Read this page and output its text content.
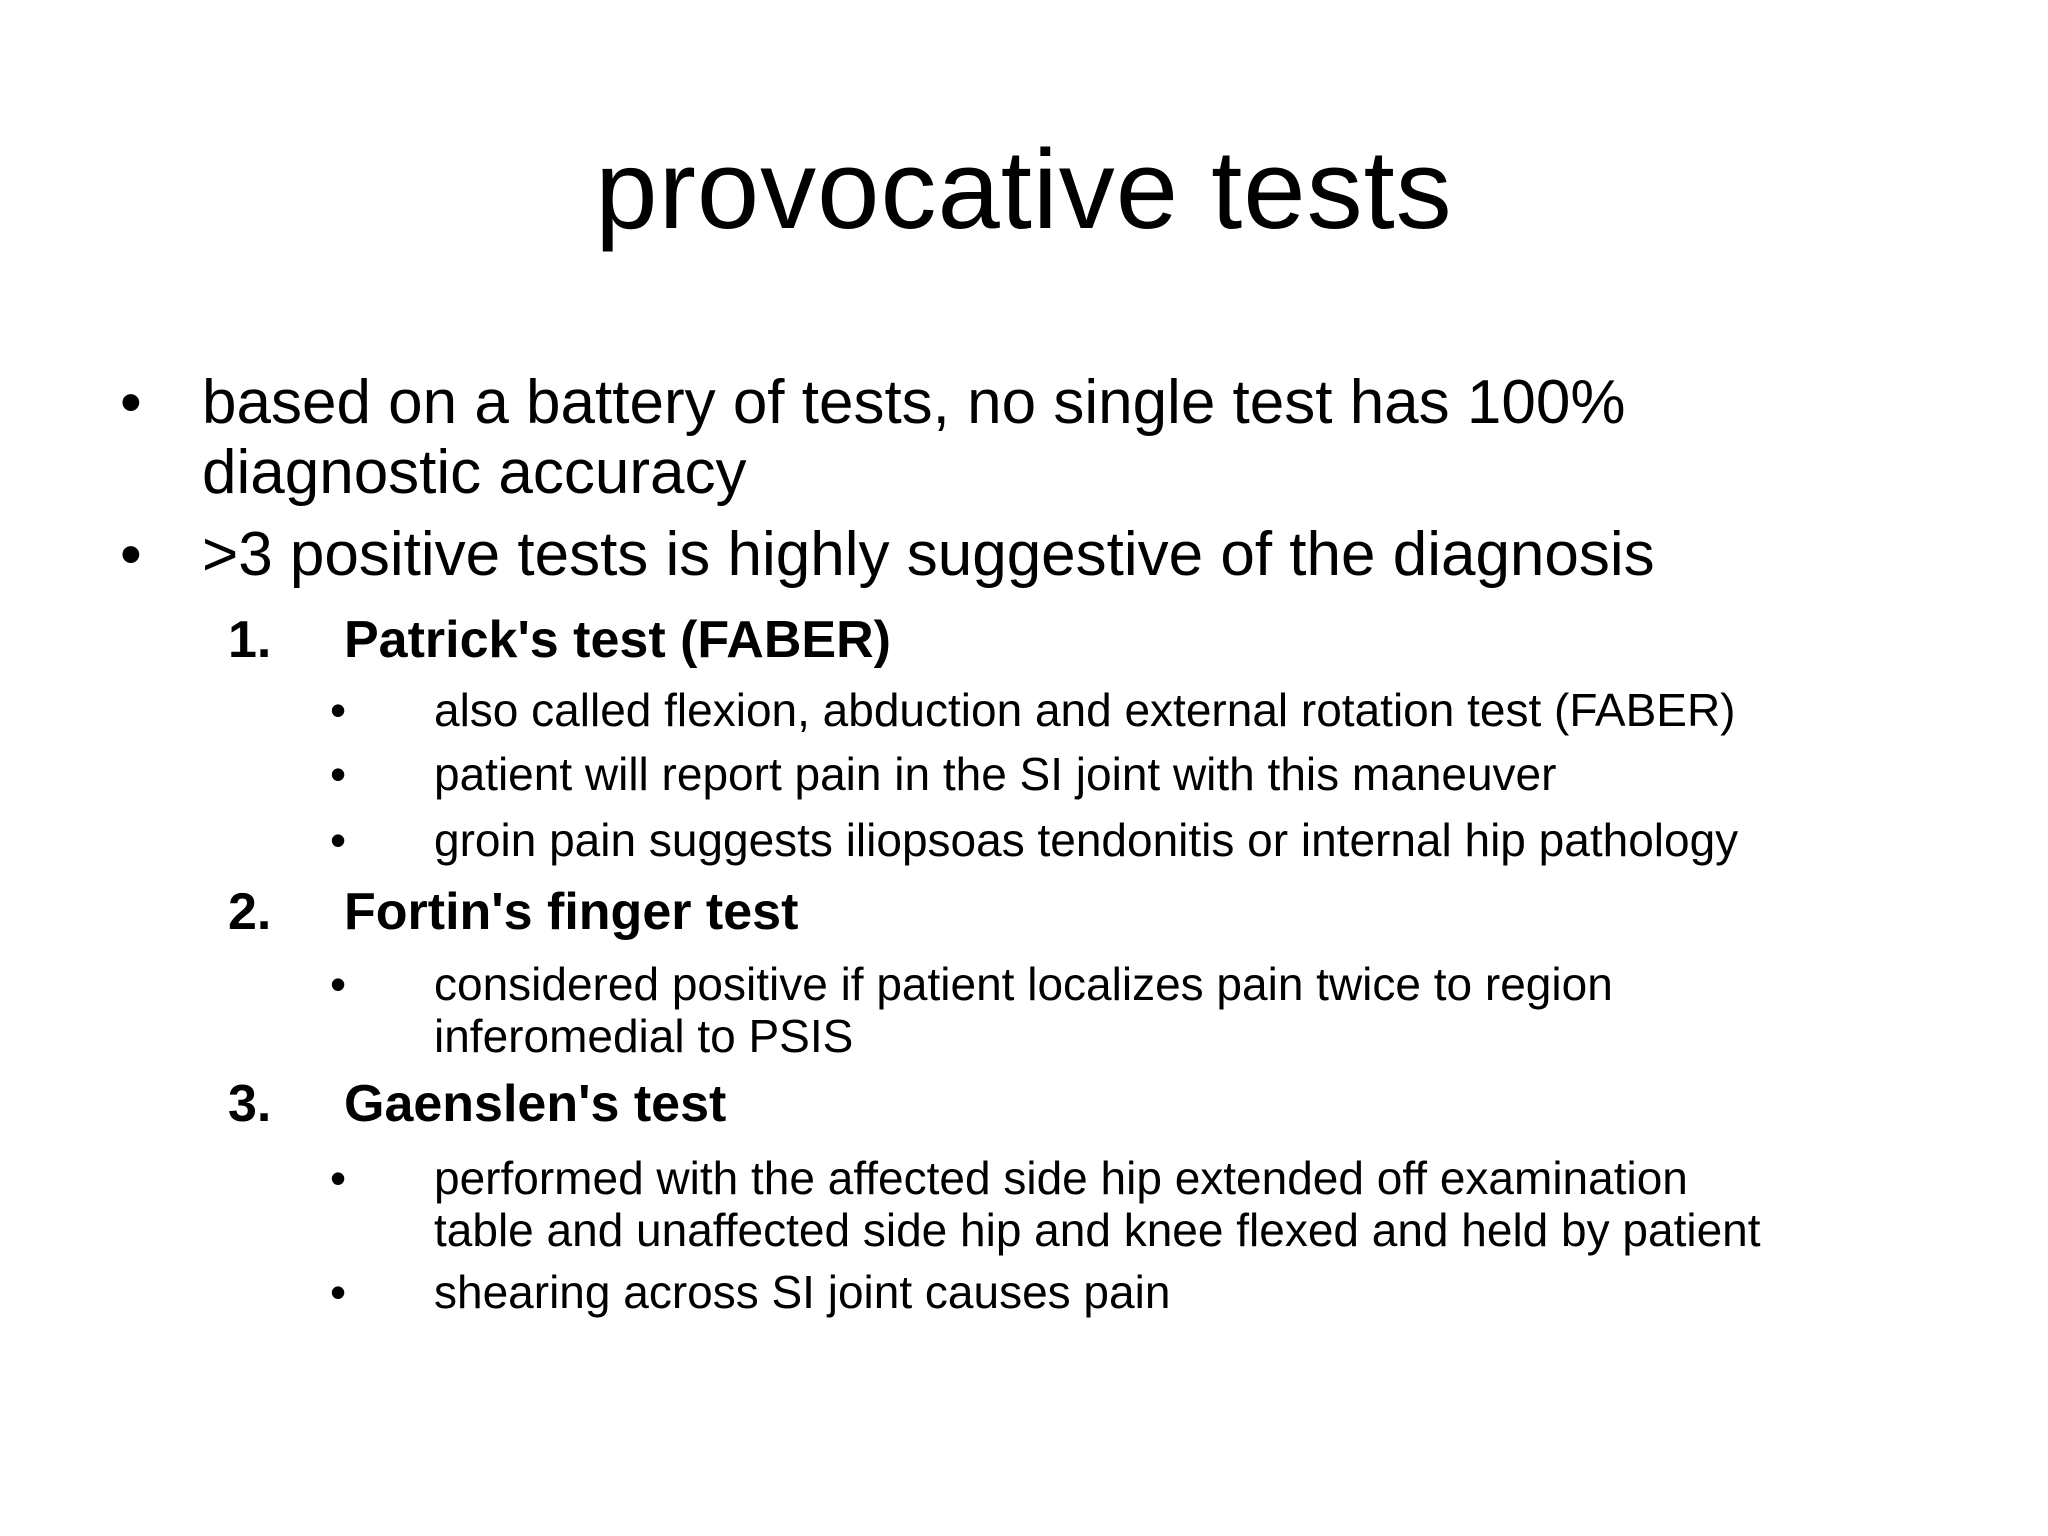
provocative tests
• based on a battery of tests, no single test has 100%
diagnostic accuracy
• >3 positive tests is highly suggestive of the diagnosis
1.	Patrick's test (FABER)
•	also called flexion, abduction and external rotation test (FABER)
•	patient will report pain in the SI joint with this maneuver
•	groin pain suggests iliopsoas tendonitis or internal hip pathology
2.	Fortin's finger test
•	considered positive if patient localizes pain twice to region
inferomedial to PSIS
3.	Gaenslen's test
•	performed with the affected side hip extended off examination
table and unaffected side hip and knee flexed and held by patient
•	shearing across SI joint causes pain
